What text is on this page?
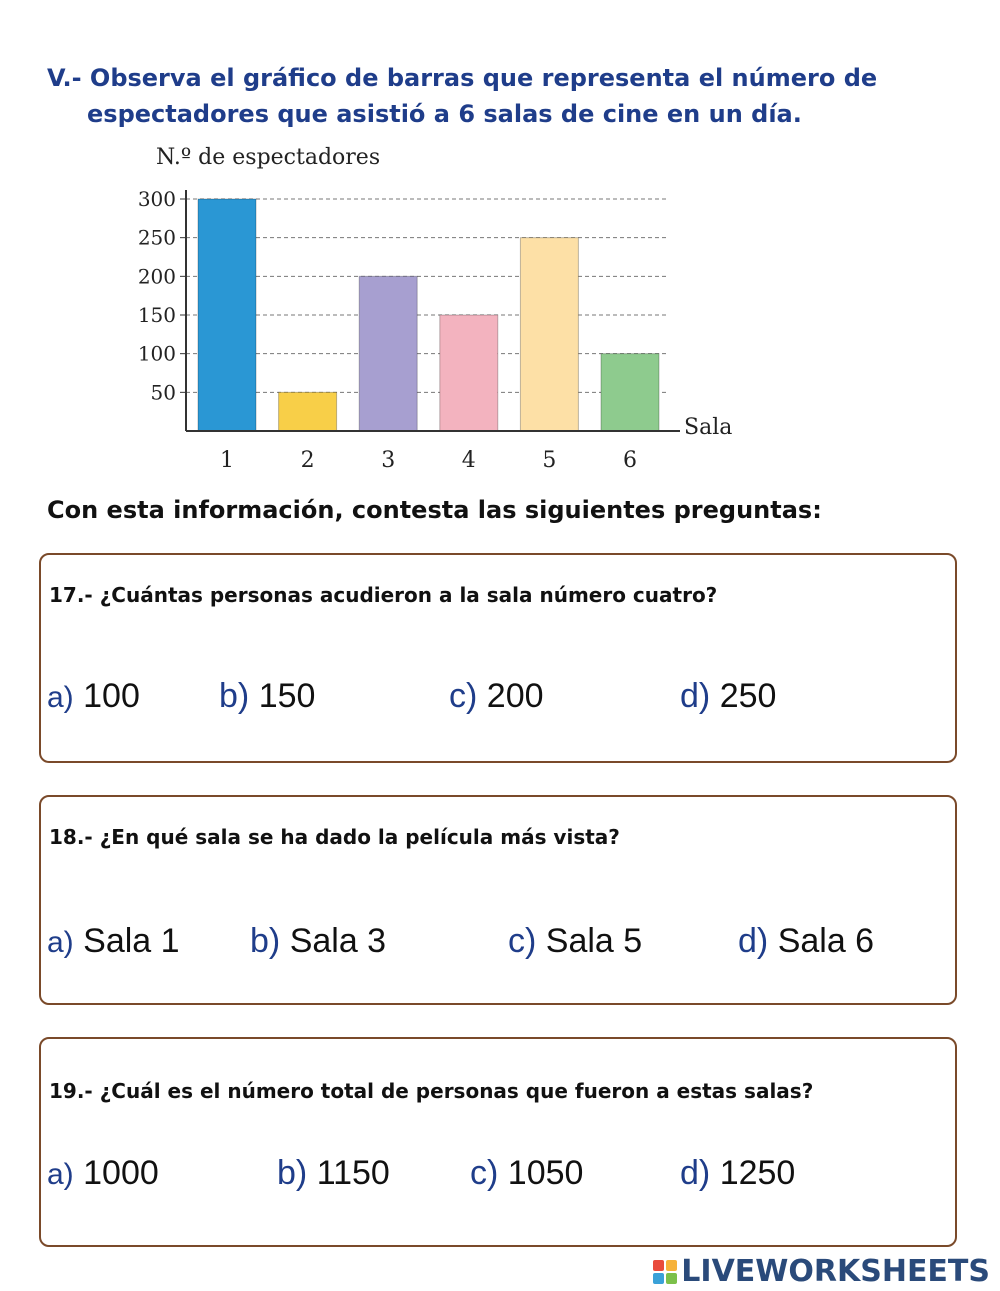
V.- Observa el gráfico de barras que representa el número de
espectadores que asistió a 6 salas de cine en un día.
N.º de espectadores
50
100
150
200
250
300
1	2	3	4	5	6
Sala
Con esta información, contesta las siguientes preguntas:
17.- ¿Cuántas personas acudieron a la sala número cuatro?
a) 100 b) 150	c) 200	d) 250
18.- ¿En qué sala se ha dado la película más vista?
a) Sala 1 b) Sala 3	c) Sala 5	d) Sala 6
19.- ¿Cuál es el número total de personas que fueron a estas salas?
a) 1000	b) 1150 c) 1050	d) 1250
LIVEWORKSHEETS
